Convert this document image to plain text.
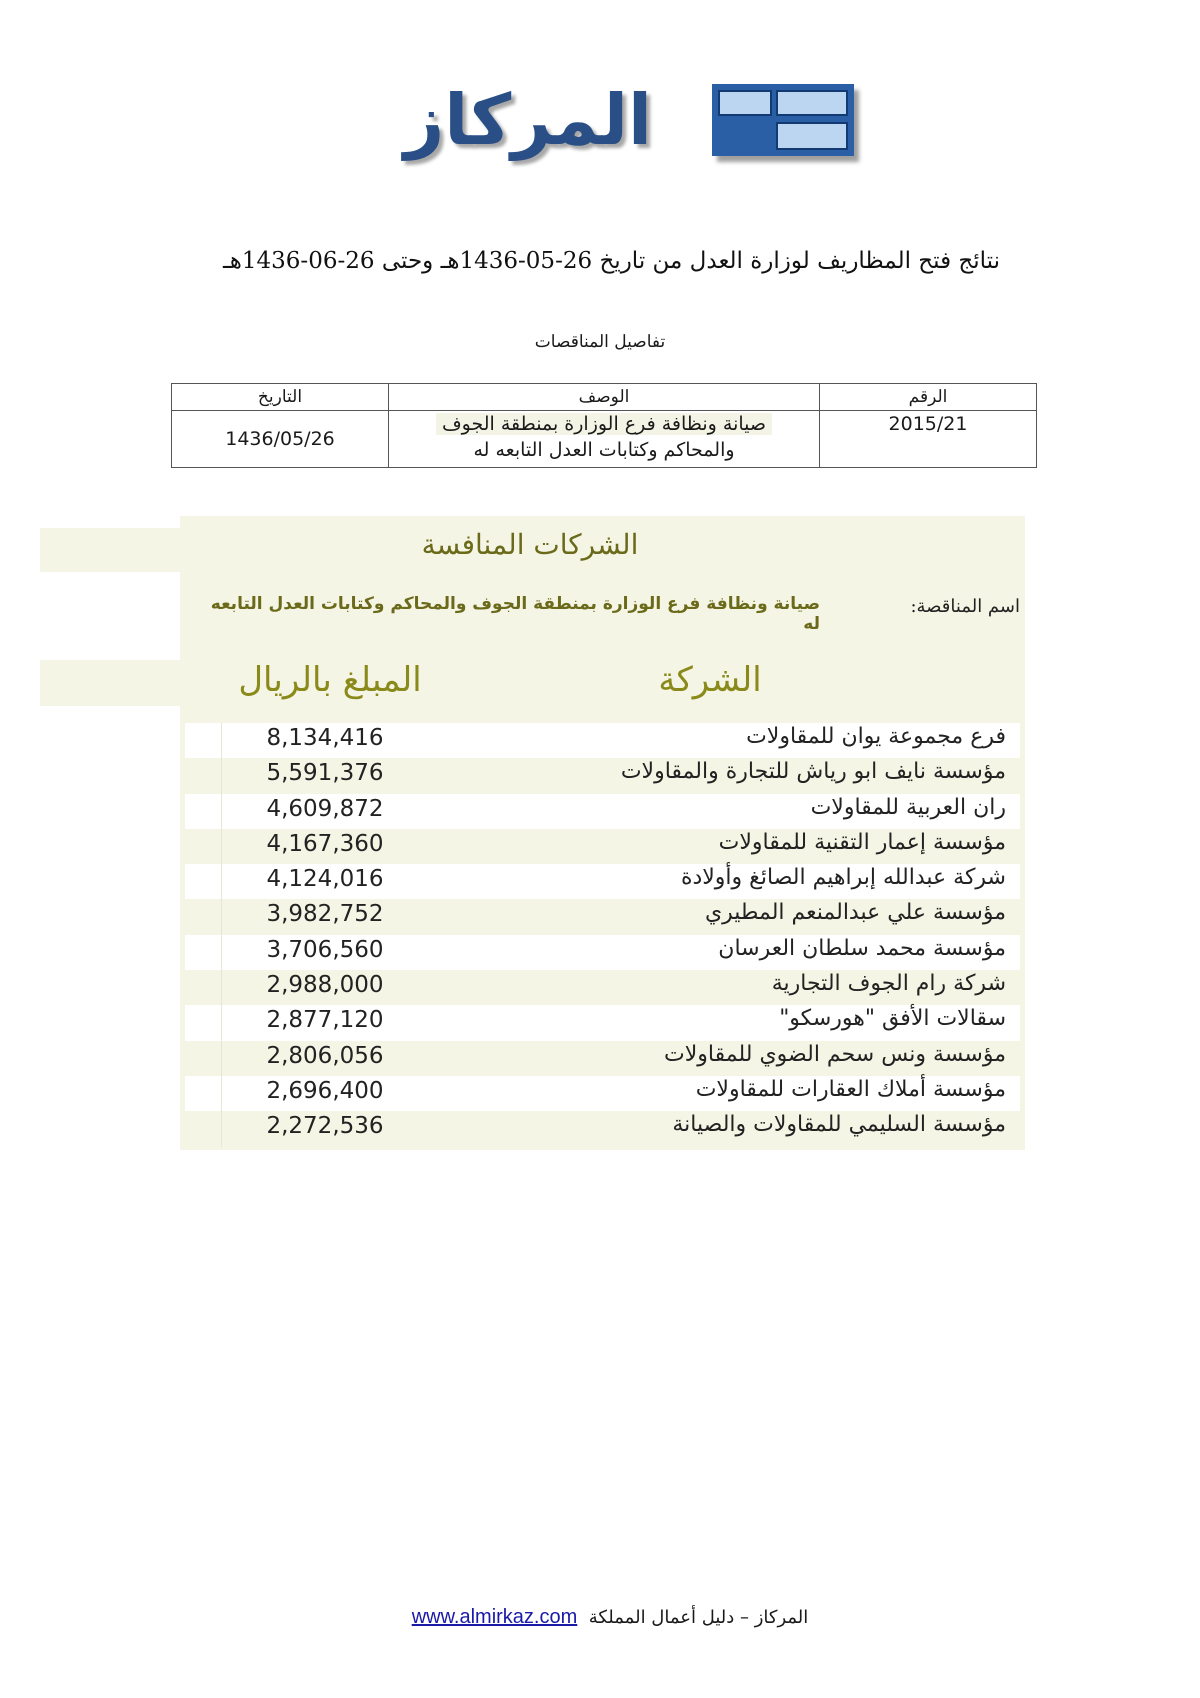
المركاز
نتائج فتح المظاريف لوزارة العدل من تاريخ 26-05-1436هـ وحتى 26-06-1436هـ
تفاصيل المناقصات
الرقم	الوصف	التاريخ
2015/21	صيانة ونظافة فرع الوزارة بمنطقة الجوف
والمحاكم وكتابات العدل التابعه له	1436/05/26
الشركات المنافسة
اسم المناقصة:
صيانة ونظافة فرع الوزارة بمنطقة الجوف والمحاكم وكتابات العدل التابعه له
الشركة
المبلغ بالريال
8,134,416	فرع مجموعة يوان للمقاولات
5,591,376	مؤسسة نايف ابو رياش للتجارة والمقاولات
4,609,872	ران العربية للمقاولات
4,167,360	مؤسسة إعمار التقنية للمقاولات
4,124,016	شركة عبدالله إبراهيم الصائغ وأولادة
3,982,752	مؤسسة علي عبدالمنعم المطيري
3,706,560	مؤسسة محمد سلطان العرسان
2,988,000	شركة رام الجوف التجارية
2,877,120	سقالات الأفق "هورسكو"
2,806,056	مؤسسة ونس سحم الضوي للمقاولات
2,696,400	مؤسسة أملاك العقارات للمقاولات
2,272,536	مؤسسة السليمي للمقاولات والصيانة
المركاز – دليل أعمال المملكة  www.almirkaz.com
